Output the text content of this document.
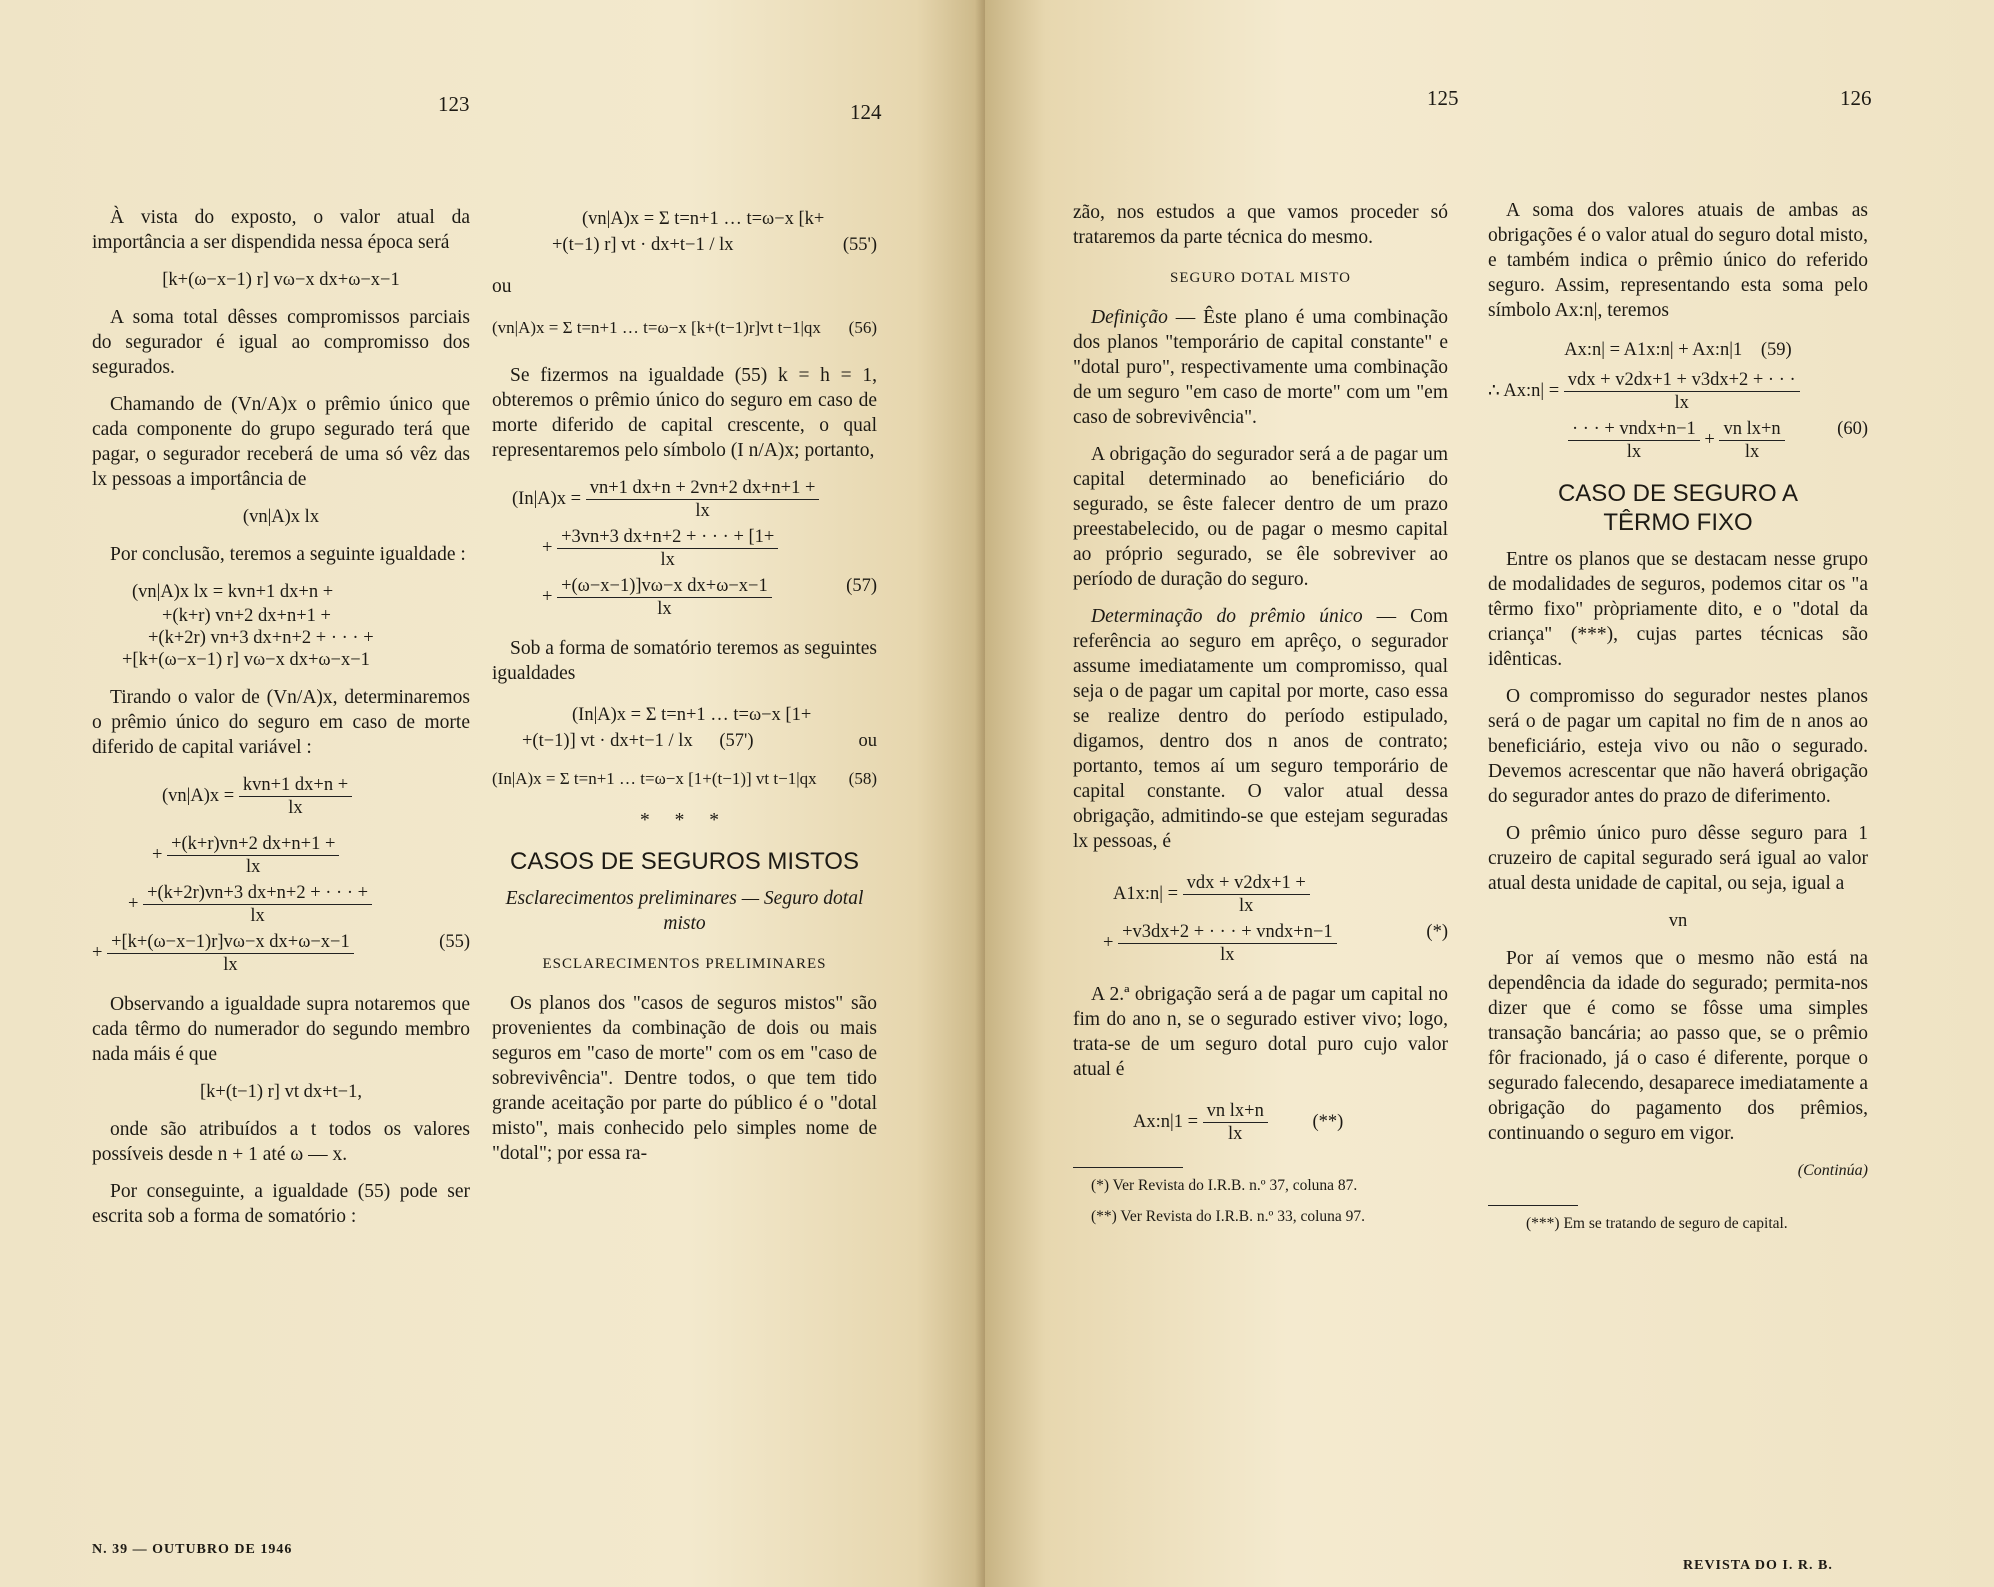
123	124

À vista do exposto, o valor atual da importância a ser dispendida nessa época será

[k+(ω−x−1) r] vω−x dx+ω−x−1

A soma total dêsses compromissos parciais do segurador é igual ao compromisso dos segurados.

Chamando de (Vn/A)x o prêmio único que cada componente do grupo segurado terá que pagar, o segurador receberá de uma só vêz das lx pessoas a importância de

(vn|A)x lx

Por conclusão, teremos a seguinte igualdade :

(vn|A)x lx = kvn+1 dx+n +
+(k+r) vn+2 dx+n+1 +
+(k+2r) vn+3 dx+n+2 + · · · +
+[k+(ω−x−1) r] vω−x dx+ω−x−1

Tirando o valor de (Vn/A)x, determinaremos o prêmio único do seguro em caso de morte diferido de capital variável :

$(vn|A)x = \frac{\text{kvn+1 dx+n +}}{lx}$
+ $\frac{+(k+r)vn+2 dx+n+1 +}{lx}$
+ $\frac{+(k+2r)vn+3 dx+n+2 + \cdot \cdot \cdot +}{lx}$
+ $\frac{\text{+[k+(ω−x−1)r]vω−x dx+ω−x−1}}{lx}$	(55)

Observando a igualdade supra notaremos que cada têrmo do numerador do segundo membro nada máis é que

[k+(t−1) r] vt dx+t−1,

onde são atribuídos a t todos os valores possíveis desde n + 1 até ω — x.

Por conseguinte, a igualdade (55) pode ser escrita sob a forma de somatório :

(vn|A)x = Σ t=n+1 … t=ω−x [k+
+(t−1) r] vt · dx+t−1 / lx	(55')

ou

(vn|A)x = Σ t=n+1 … t=ω−x [k+(t−1)r]vt t−1|qx (56)

Se fizermos na igualdade (55) k = h = 1, obteremos o prêmio único do seguro em caso de morte diferido de capital crescente, o qual representaremos pelo símbolo (I n/A)x; portanto,

$(In|A)x = \frac{vn+1 dx+n + 2vn+2 dx+n+1 +}{lx}$
+ $\frac{+3vn+3 dx+n+2 + \cdot \cdot \cdot + [1+}{lx}$
+ $\frac{\text{+(ω−x−1)]vω−x dx+ω−x−1}}{lx}$	(57)

Sob a forma de somatório teremos as seguintes igualdades

(In|A)x = Σ t=n+1 … t=ω−x [1+
+(t−1)] vt · dx+t−1 / lx (57')	ou
(In|A)x = Σ t=n+1 … t=ω−x [1+(t−1)] vt t−1|qx (58)
* * *
CASOS DE SEGUROS MISTOS
Esclarecimentos preliminares — Seguro dotal misto
ESCLARECIMENTOS PRELIMINARES

Os planos dos "casos de seguros mistos" são provenientes da combinação de dois ou mais seguros em "caso de morte" com os em "caso de sobrevivência". Dentre todos, o que tem tido grande aceitação por parte do público é o "dotal misto", mais conhecido pelo simples nome de "dotal"; por essa ra-

N. 39 — OUTUBRO DE 1946
125	126

zão, nos estudos a que vamos proceder só trataremos da parte técnica do mesmo.

SEGURO DOTAL MISTO

Definição — Êste plano é uma combinação dos planos "temporário de capital constante" e "dotal puro", respectivamente uma combinação de um seguro "em caso de morte" com um "em caso de sobrevivência".

A obrigação do segurador será a de pagar um capital determinado ao beneficiário do segurado, se êste falecer dentro de um prazo preestabelecido, ou de pagar o mesmo capital ao próprio segurado, se êle sobreviver ao período de duração do seguro.

Determinação do prêmio único — Com referência ao seguro em aprêço, o segurador assume imediatamente um compromisso, qual seja o de pagar um capital por morte, caso essa se realize dentro do período estipulado, digamos, dentro dos n anos de contrato; portanto, temos aí um seguro temporário de capital constante. O valor atual dessa obrigação, admitindo-se que estejam seguradas lx pessoas, é

A1x:n| = $\frac{\text{vdx + v2dx+1 +}}{lx}$
+ $\frac{\text{+v3dx+2 + · · · + vndx+n−1}}{lx}$	(*)

A 2.ª obrigação será a de pagar um capital no fim do ano n, se o segurado estiver vivo; logo, trata-se de um seguro dotal puro cujo valor atual é

Ax:n|1 = $\frac{\text{vn lx+n}}{lx}$ (**)

(*) Ver Revista do I.R.B. n.º 37, coluna 87.

(**) Ver Revista do I.R.B. n.º 33, coluna 97.

A soma dos valores atuais de ambas as obrigações é o valor atual do seguro dotal misto, e também indica o prêmio único do referido seguro. Assim, representando esta soma pelo símbolo Ax:n|, teremos

Ax:n| = A1x:n| + Ax:n|1 (59)
∴ Ax:n| = $\frac{\text{vdx + v2dx+1 + v3dx+2 + · · ·}}{lx}$
$\frac{\text{· · · + vndx+n−1}}{lx} + \frac{\text{vn lx+n}}{lx}$	(60)
CASO DE SEGURO A TÊRMO FIXO

Entre os planos que se destacam nesse grupo de modalidades de seguros, podemos citar os "a têrmo fixo" pròpriamente dito, e o "dotal da criança" (***), cujas partes técnicas são idênticas.

O compromisso do segurador nestes planos será o de pagar um capital no fim de n anos ao beneficiário, esteja vivo ou não o segurado. Devemos acrescentar que não haverá obrigação do segurador antes do prazo de diferimento.

O prêmio único puro dêsse seguro para 1 cruzeiro de capital segurado será igual ao valor atual desta unidade de capital, ou seja, igual a

vn

Por aí vemos que o mesmo não está na dependência da idade do segurado; permita-nos dizer que é como se fôsse uma simples transação bancária; ao passo que, se o prêmio fôr fracionado, já o caso é diferente, porque o segurado falecendo, desaparece imediatamente a obrigação do pagamento dos prêmios, continuando o seguro em vigor.

(Continúa)

(***) Em se tratando de seguro de capital.

REVISTA DO I. R. B.
